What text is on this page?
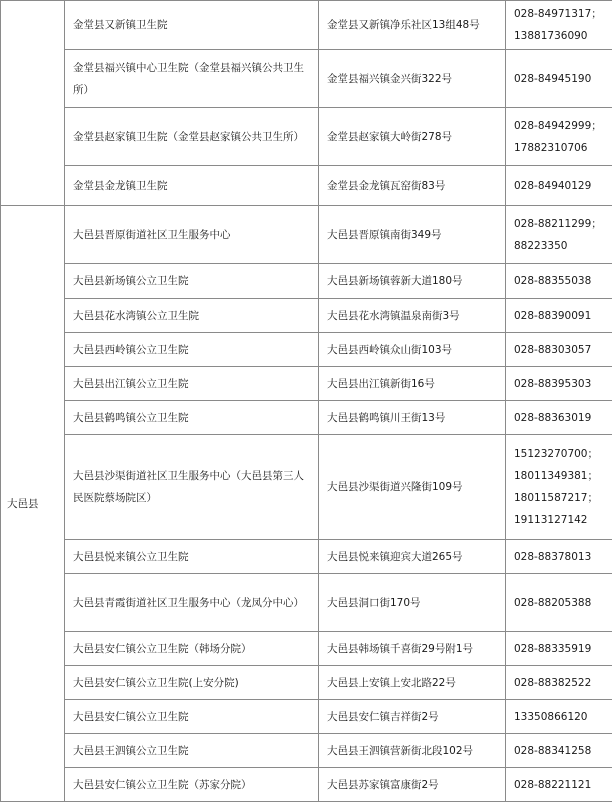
	金堂县又新镇卫生院	金堂县又新镇净乐社区13组48号	028-84971317；13881736090
	金堂县福兴镇中心卫生院（金堂县福兴镇公共卫生所）	金堂县福兴镇金兴街322号	028-84945190
	金堂县赵家镇卫生院（金堂县赵家镇公共卫生所）	金堂县赵家镇大岭街278号	028-84942999；17882310706
	金堂县金龙镇卫生院	金堂县金龙镇瓦窑街83号	028-84940129
大邑县	大邑县晋原街道社区卫生服务中心	大邑县晋原镇南街349号	028-88211299；88223350
	大邑县新场镇公立卫生院	大邑县新场镇蓉新大道180号	028-88355038
	大邑县花水湾镇公立卫生院	大邑县花水湾镇温泉南街3号	028-88390091
	大邑县西岭镇公立卫生院	大邑县西岭镇众山街103号	028-88303057
	大邑县出江镇公立卫生院	大邑县出江镇新街16号	028-88395303
	大邑县鹤鸣镇公立卫生院	大邑县鹤鸣镇川王街13号	028-88363019
	大邑县沙渠街道社区卫生服务中心（大邑县第三人民医院蔡场院区）	大邑县沙渠街道兴隆街109号	15123270700；18011349381；18011587217；19113127142
	大邑县悦来镇公立卫生院	大邑县悦来镇迎宾大道265号	028-88378013
	大邑县青霞街道社区卫生服务中心（龙凤分中心）	大邑县洞口街170号	028-88205388
	大邑县安仁镇公立卫生院（韩场分院）	大邑县韩场镇千喜街29号附1号	028-88335919
	大邑县安仁镇公立卫生院(上安分院)	大邑县上安镇上安北路22号	028-88382522
	大邑县安仁镇公立卫生院	大邑县安仁镇吉祥街2号	13350866120
	大邑县王泗镇公立卫生院	大邑县王泗镇营新街北段102号	028-88341258
	大邑县安仁镇公立卫生院（苏家分院）	大邑县苏家镇富康街2号	028-88221121
